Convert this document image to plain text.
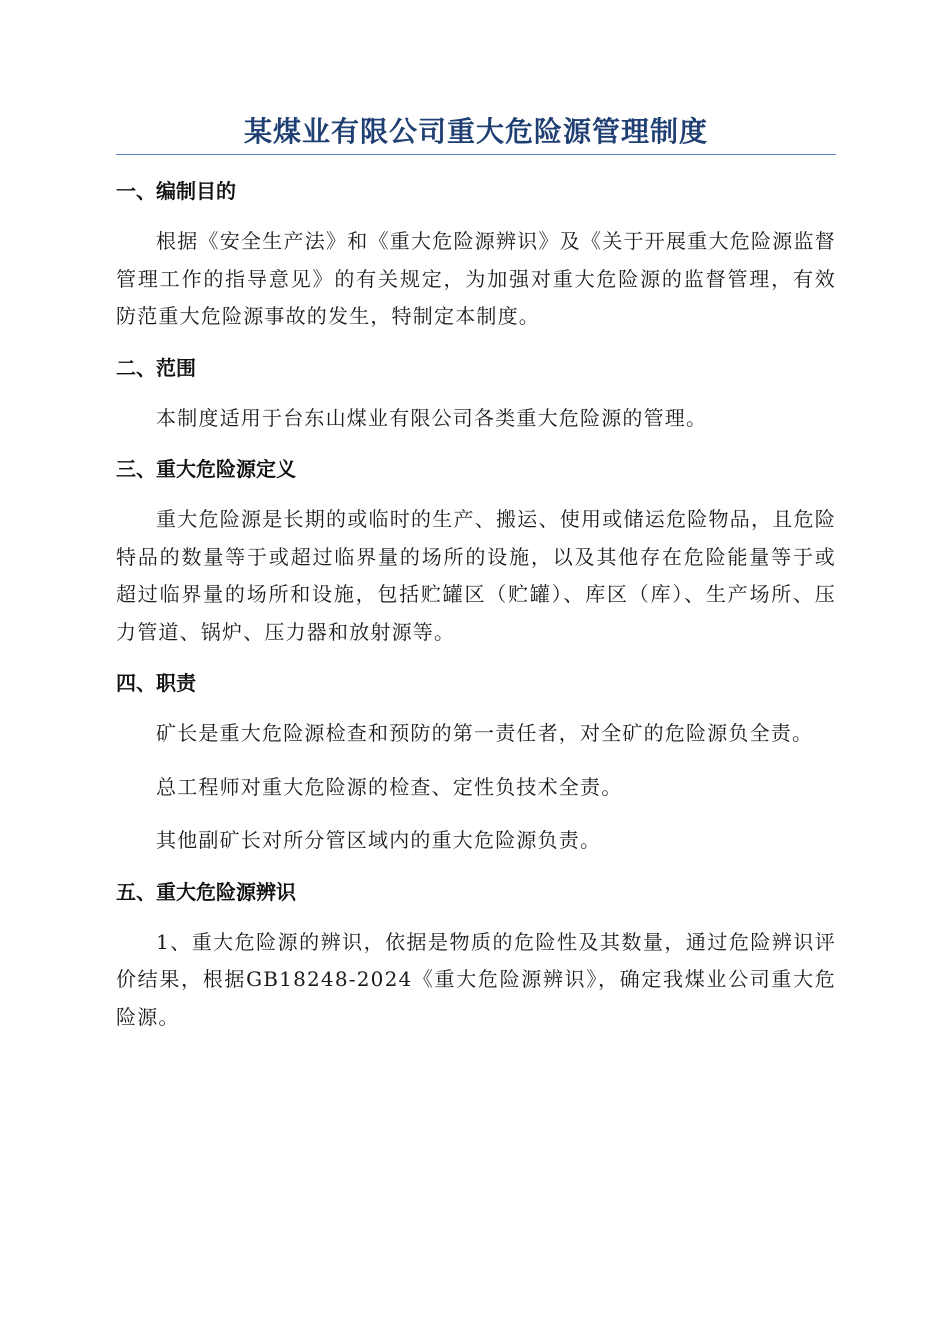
某煤业有限公司重大危险源管理制度
一、编制目的

根据《安全生产法》和《重大危险源辨识》及《关于开展重大危险源监督管理工作的指导意见》的有关规定，为加强对重大危险源的监督管理，有效防范重大危险源事故的发生，特制定本制度。

二、范围

本制度适用于台东山煤业有限公司各类重大危险源的管理。

三、重大危险源定义

重大危险源是长期的或临时的生产、搬运、使用或储运危险物品，且危险特品的数量等于或超过临界量的场所的设施，以及其他存在危险能量等于或超过临界量的场所和设施，包括贮罐区（贮罐）、库区（库）、生产场所、压力管道、锅炉、压力器和放射源等。

四、职责

矿长是重大危险源检查和预防的第一责任者，对全矿的危险源负全责。

总工程师对重大危险源的检查、定性负技术全责。

其他副矿长对所分管区域内的重大危险源负责。

五、重大危险源辨识

1、重大危险源的辨识，依据是物质的危险性及其数量，通过危险辨识评价结果，根据GB18248-2024《重大危险源辨识》，确定我煤业公司重大危险源。
